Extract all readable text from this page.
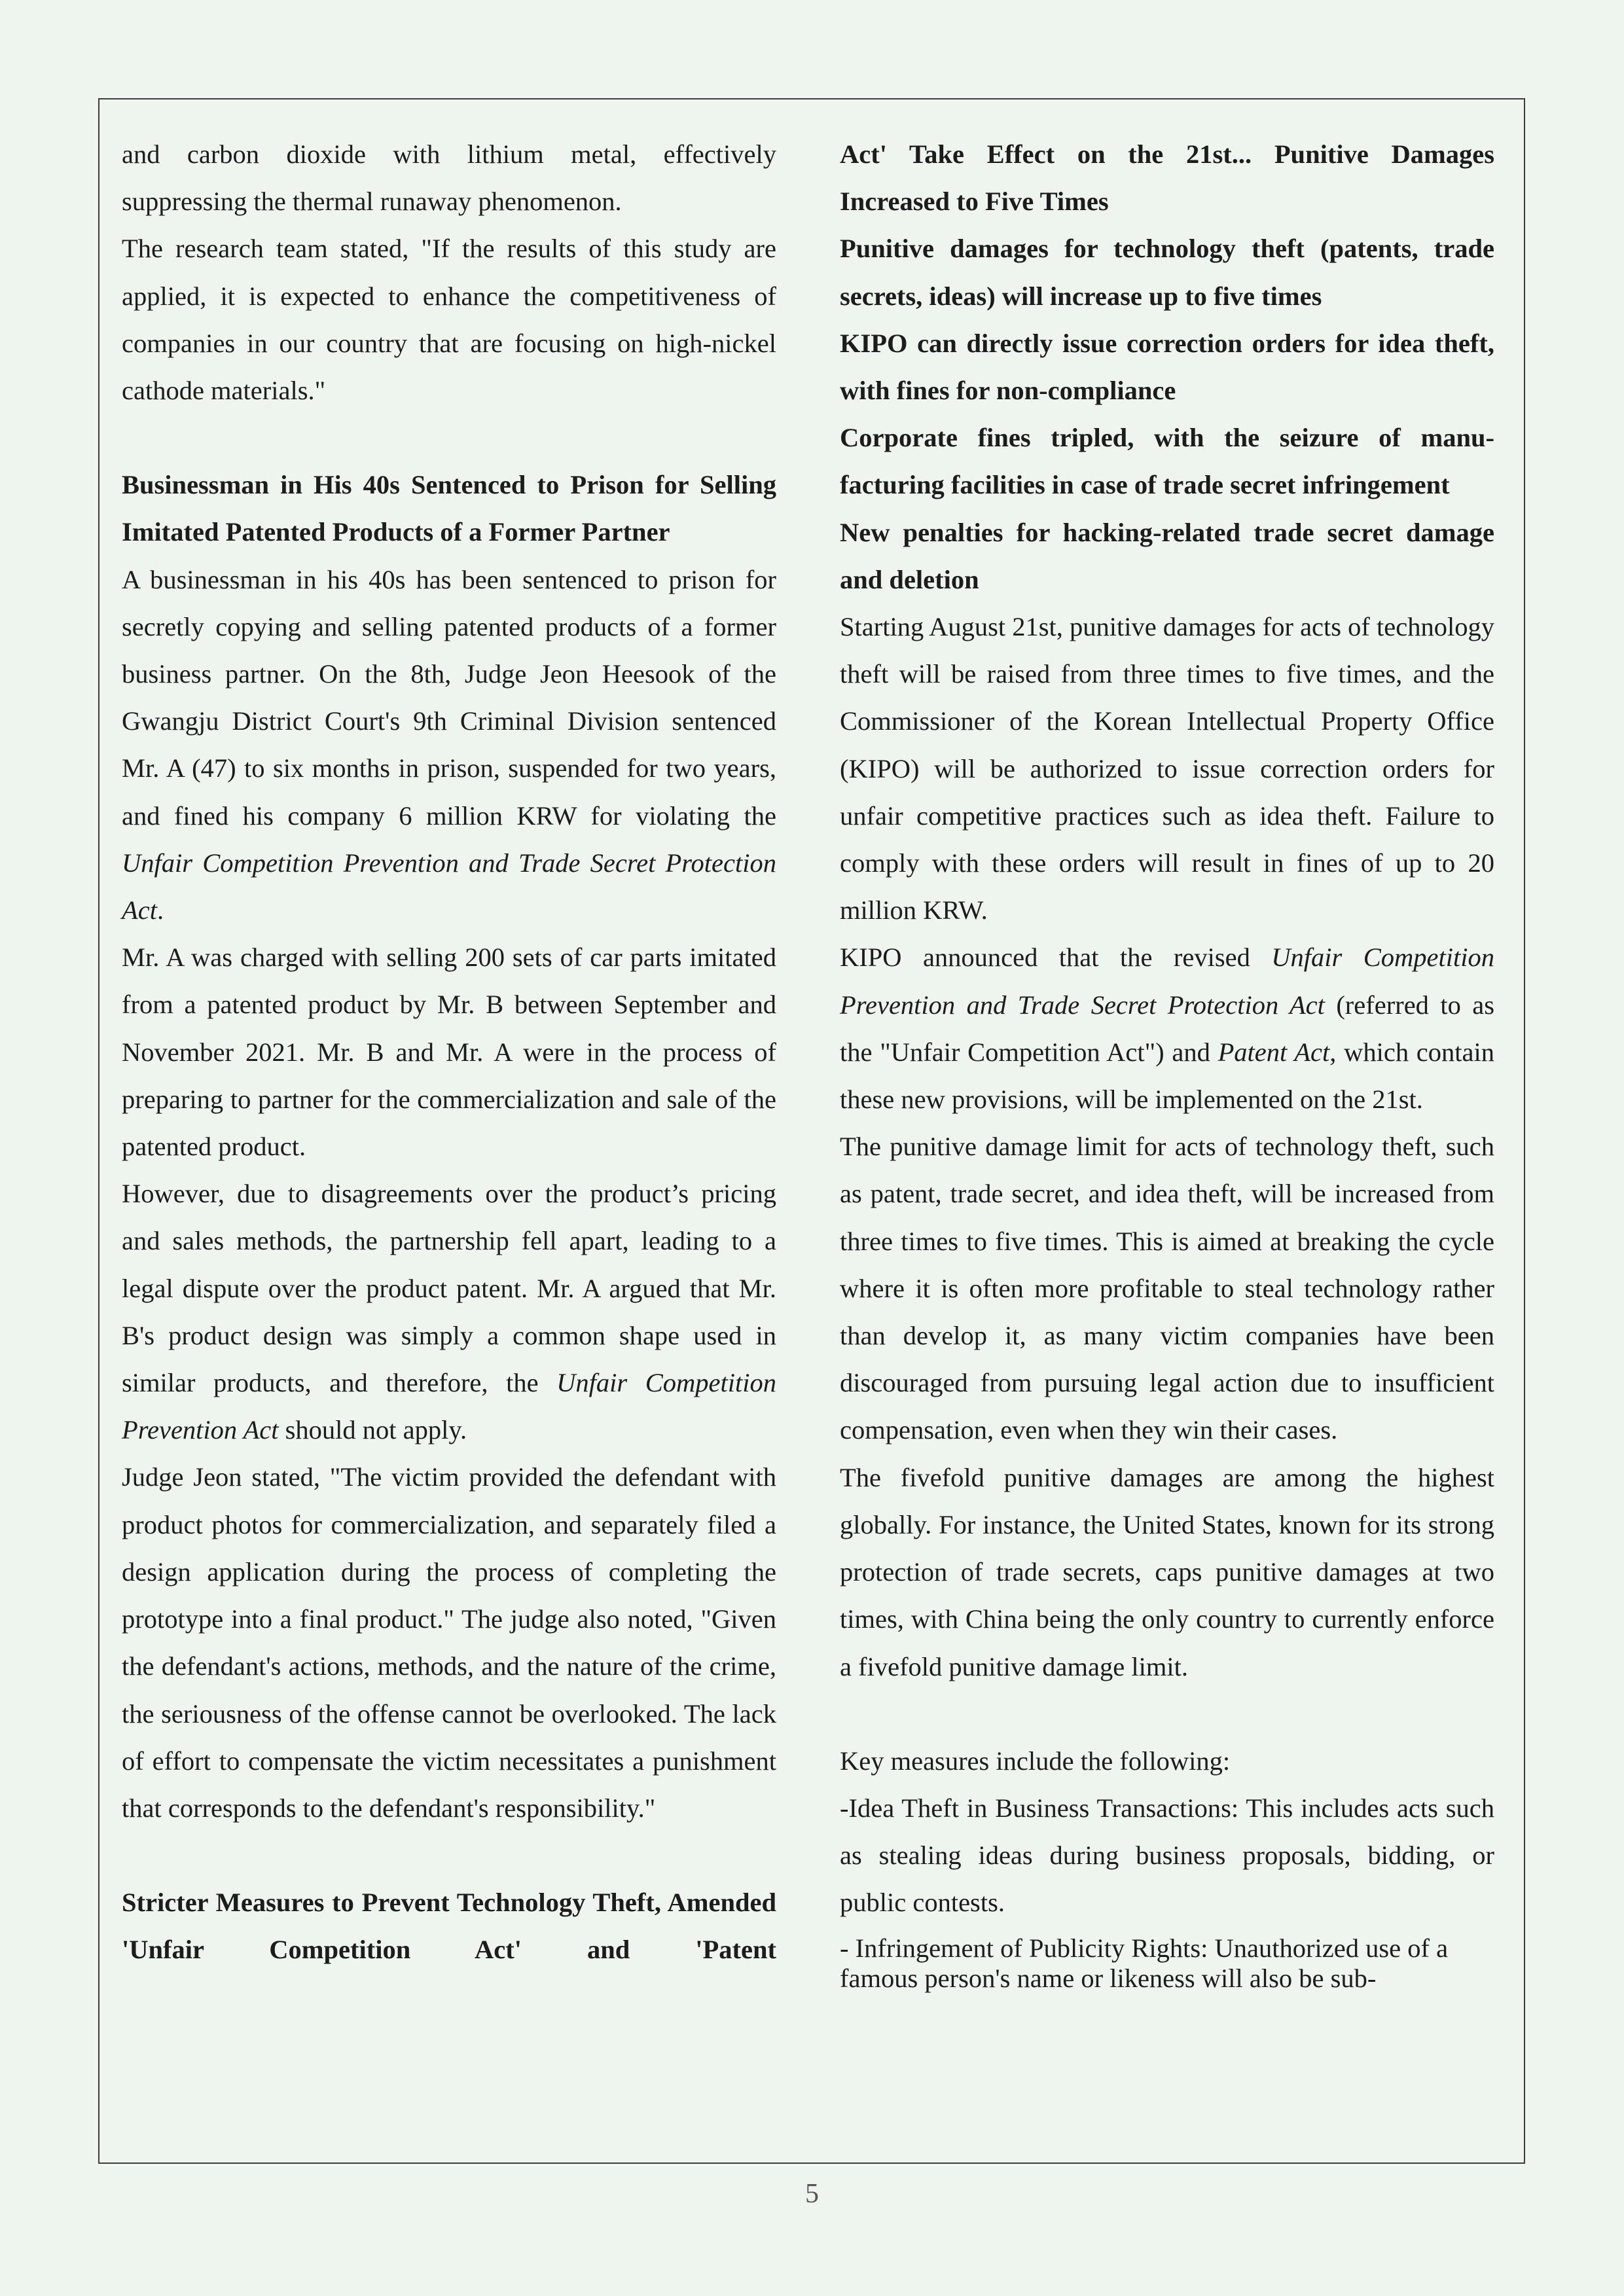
and carbon dioxide with lithium metal, effectively suppressing the thermal runaway phenomenon.

The research team stated, "If the results of this study are applied, it is expected to enhance the competitiveness of companies in our country that are focusing on high-nickel cathode materials."

Businessman in His 40s Sentenced to Prison for Selling Imitated Patented Products of a Former Partner

A businessman in his 40s has been sentenced to prison for secretly copying and selling patented products of a former business partner. On the 8th, Judge Jeon Heesook of the Gwangju District Court's 9th Criminal Division sentenced Mr. A (47) to six months in prison, suspended for two years, and fined his company 6 million KRW for violating the Unfair Competition Prevention and Trade Secret Protection Act.

Mr. A was charged with selling 200 sets of car parts imitated from a patented product by Mr. B between September and November 2021. Mr. B and Mr. A were in the process of preparing to partner for the commercialization and sale of the patented product.

However, due to disagreements over the product’s pricing and sales methods, the partnership fell apart, leading to a legal dispute over the product patent. Mr. A argued that Mr. B's product design was simply a common shape used in similar products, and therefore, the Unfair Competition Prevention Act should not apply.

Judge Jeon stated, "The victim provided the defendant with product photos for commercialization, and separately filed a design application during the process of completing the prototype into a final product." The judge also noted, "Given the defendant's actions, methods, and the nature of the crime, the seriousness of the offense cannot be overlooked. The lack of effort to compensate the victim necessitates a punishment that corresponds to the defendant's responsibility."

Stricter Measures to Prevent Technology Theft, Amended 'Unfair Competition Act' and 'Patent

Act' Take Effect on the 21st... Punitive Damages Increased to Five Times

Punitive damages for technology theft (patents, trade secrets, ideas) will increase up to five times

KIPO can directly issue correction orders for idea theft, with fines for non-compliance

Corporate fines tripled, with the seizure of manufacturing facilities in case of trade secret infringement

New penalties for hacking-related trade secret damage and deletion

Starting August 21st, punitive damages for acts of technology theft will be raised from three times to five times, and the Commissioner of the Korean Intellectual Property Office (KIPO) will be authorized to issue correction orders for unfair competitive practices such as idea theft. Failure to comply with these orders will result in fines of up to 20 million KRW.

KIPO announced that the revised Unfair Competition Prevention and Trade Secret Protection Act (referred to as the "Unfair Competition Act") and Patent Act, which contain these new provisions, will be implemented on the 21st.

The punitive damage limit for acts of technology theft, such as patent, trade secret, and idea theft, will be increased from three times to five times. This is aimed at breaking the cycle where it is often more profitable to steal technology rather than develop it, as many victim companies have been discouraged from pursuing legal action due to insufficient compensation, even when they win their cases.

The fivefold punitive damages are among the highest globally. For instance, the United States, known for its strong protection of trade secrets, caps punitive damages at two times, with China being the only country to currently enforce a fivefold punitive damage limit.

Key measures include the following:

-Idea Theft in Business Transactions: This includes acts such as stealing ideas during business proposals, bidding, or public contests.

- Infringement of Publicity Rights: Unauthorized use of a famous person's name or likeness will also be sub-

5
